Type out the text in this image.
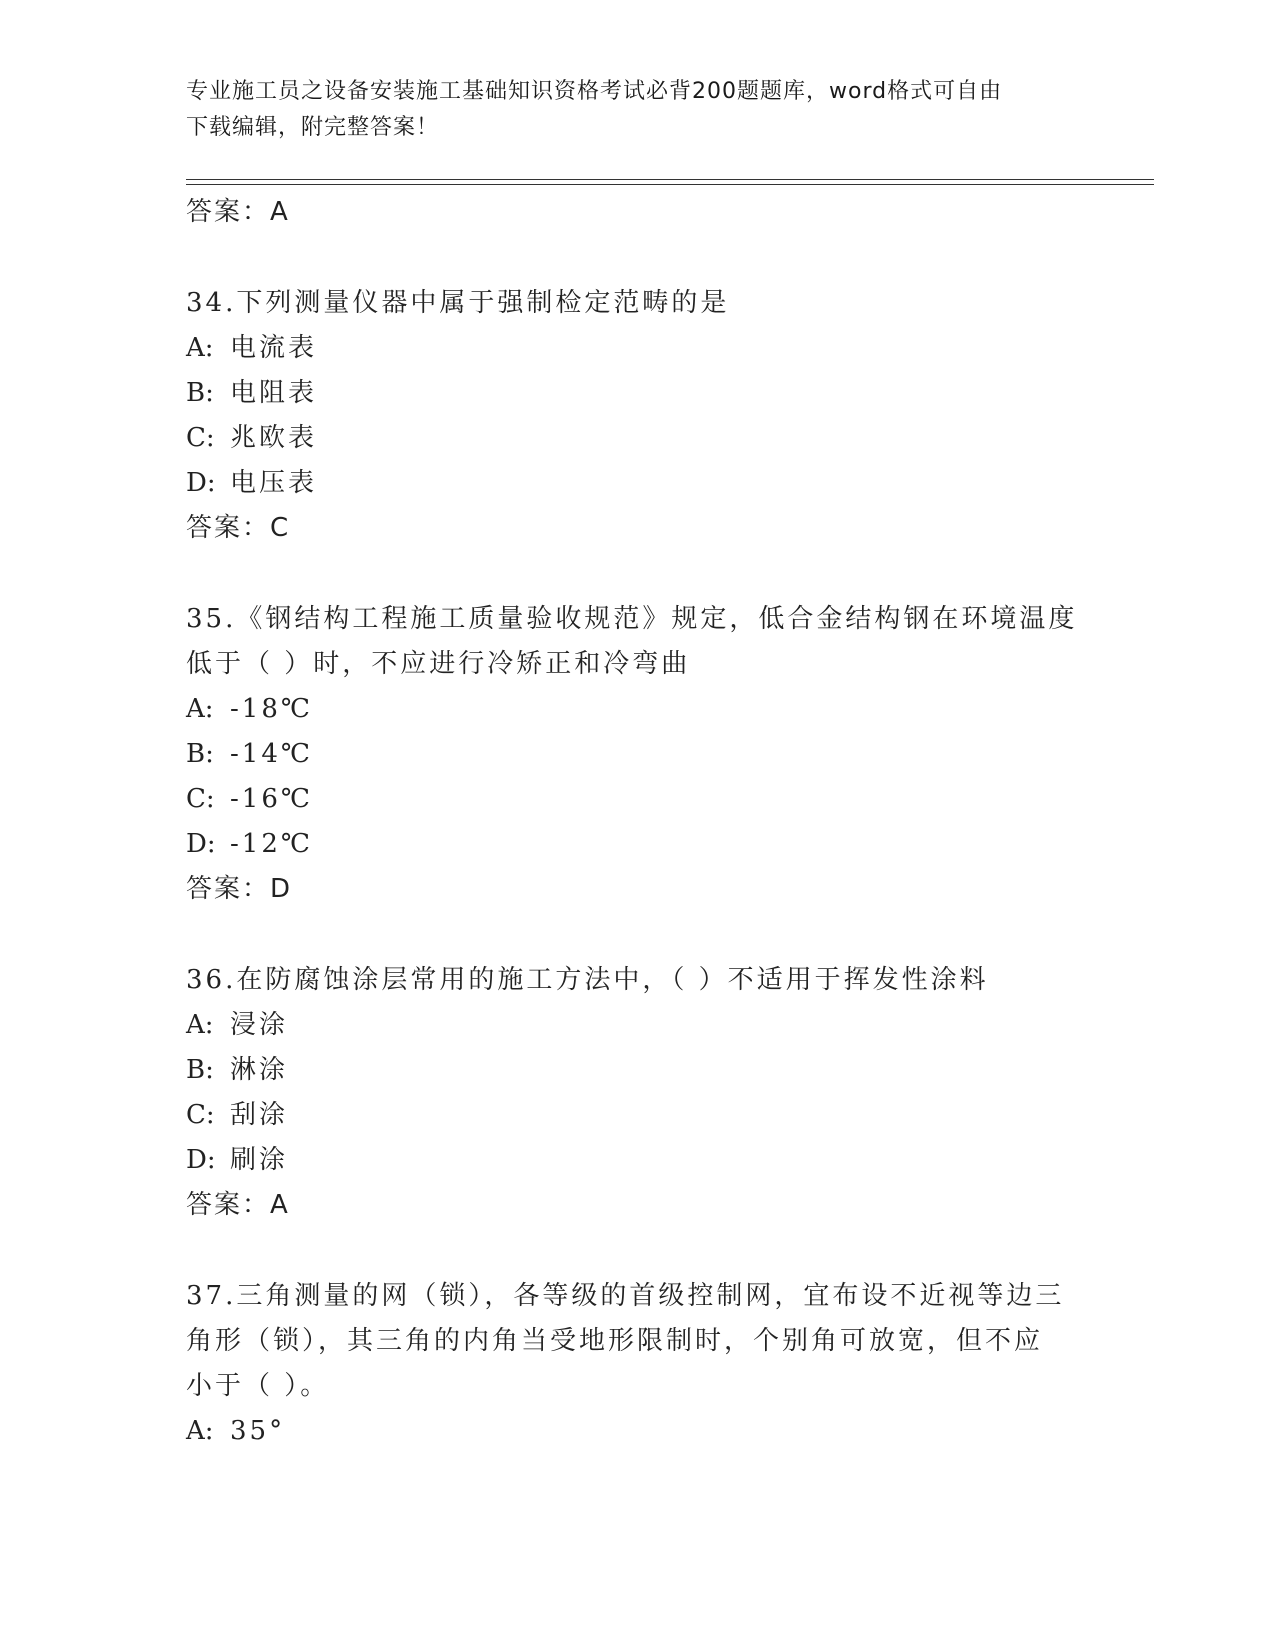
专业施工员之设备安装施工基础知识资格考试必背200题题库，word格式可自由
下载编辑，附完整答案！
答案：A
34.下列测量仪器中属于强制检定范畴的是
A: 电流表
B: 电阻表
C: 兆欧表
D: 电压表
答案：C
35.《钢结构工程施工质量验收规范》规定，低合金结构钢在环境温度
低于（ ）时，不应进行冷矫正和冷弯曲
A: -18℃
B: -14℃
C: -16℃
D: -12℃
答案：D
36.在防腐蚀涂层常用的施工方法中，（ ）不适用于挥发性涂料
A: 浸涂
B: 淋涂
C: 刮涂
D: 刷涂
答案：A
37.三角测量的网（锁），各等级的首级控制网，宜布设不近视等边三
角形（锁），其三角的内角当受地形限制时，个别角可放宽，但不应
小于（ ）。
A: 35°
